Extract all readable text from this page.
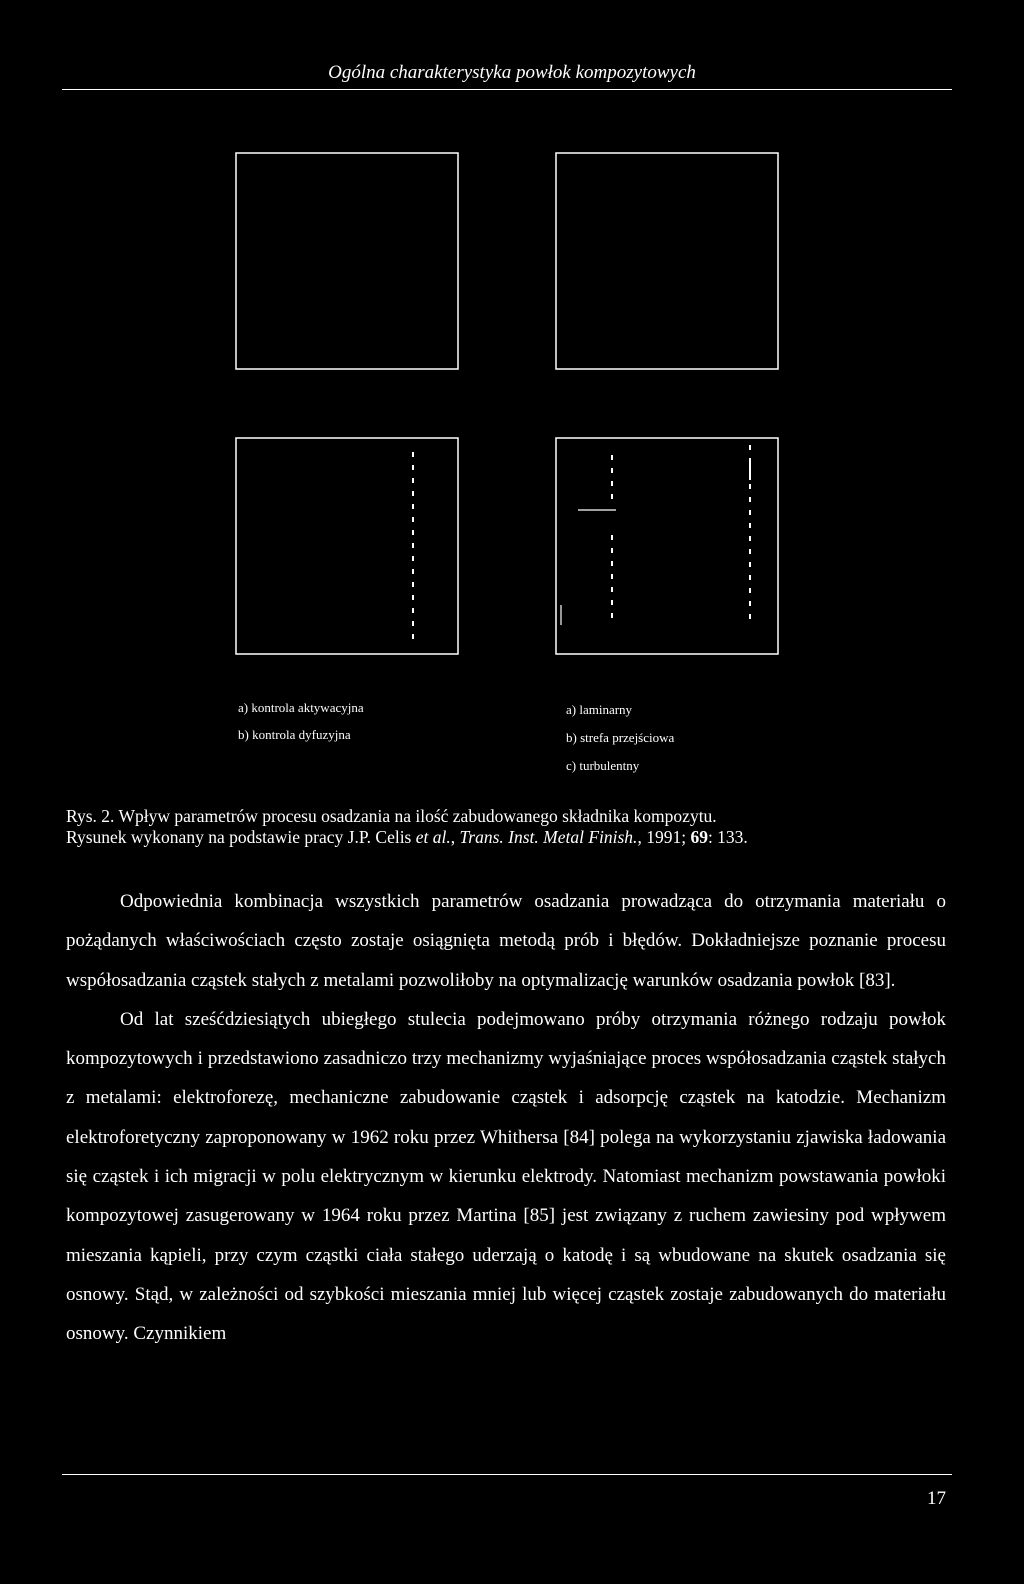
Ogólna charakterystyka powłok kompozytowych
a) kontrola aktywacyjna
b) kontrola dyfuzyjna
a) laminarny
b) strefa przejściowa
c) turbulentny
Rys. 2. Wpływ parametrów procesu osadzania na ilość zabudowanego składnika kompozytu.
Rysunek wykonany na podstawie pracy J.P. Celis et al., Trans. Inst. Metal Finish., 1991; 69: 133.

Odpowiednia kombinacja wszystkich parametrów osadzania prowadząca do otrzymania materiału o pożądanych właściwościach często zostaje osiągnięta metodą prób i błędów. Dokładniejsze poznanie procesu współosadzania cząstek stałych z metalami pozwoliłoby na optymalizację warunków osadzania powłok [83].

Od lat sześćdziesiątych ubiegłego stulecia podejmowano próby otrzymania różnego rodzaju powłok kompozytowych i przedstawiono zasadniczo trzy mechanizmy wyjaśniające proces współosadzania cząstek stałych z metalami: elektroforezę, mechaniczne zabudowanie cząstek i adsorpcję cząstek na katodzie. Mechanizm elektroforetyczny zaproponowany w 1962 roku przez Whithersa [84] polega na wykorzystaniu zjawiska ładowania się cząstek i ich migracji w polu elektrycznym w kierunku elektrody. Natomiast mechanizm powstawania powłoki kompozytowej zasugerowany w 1964 roku przez Martina [85] jest związany z ruchem zawiesiny pod wpływem mieszania kąpieli, przy czym cząstki ciała stałego uderzają o katodę i są wbudowane na skutek osadzania się osnowy. Stąd, w zależności od szybkości mieszania mniej lub więcej cząstek zostaje zabudowanych do materiału osnowy. Czynnikiem

17
